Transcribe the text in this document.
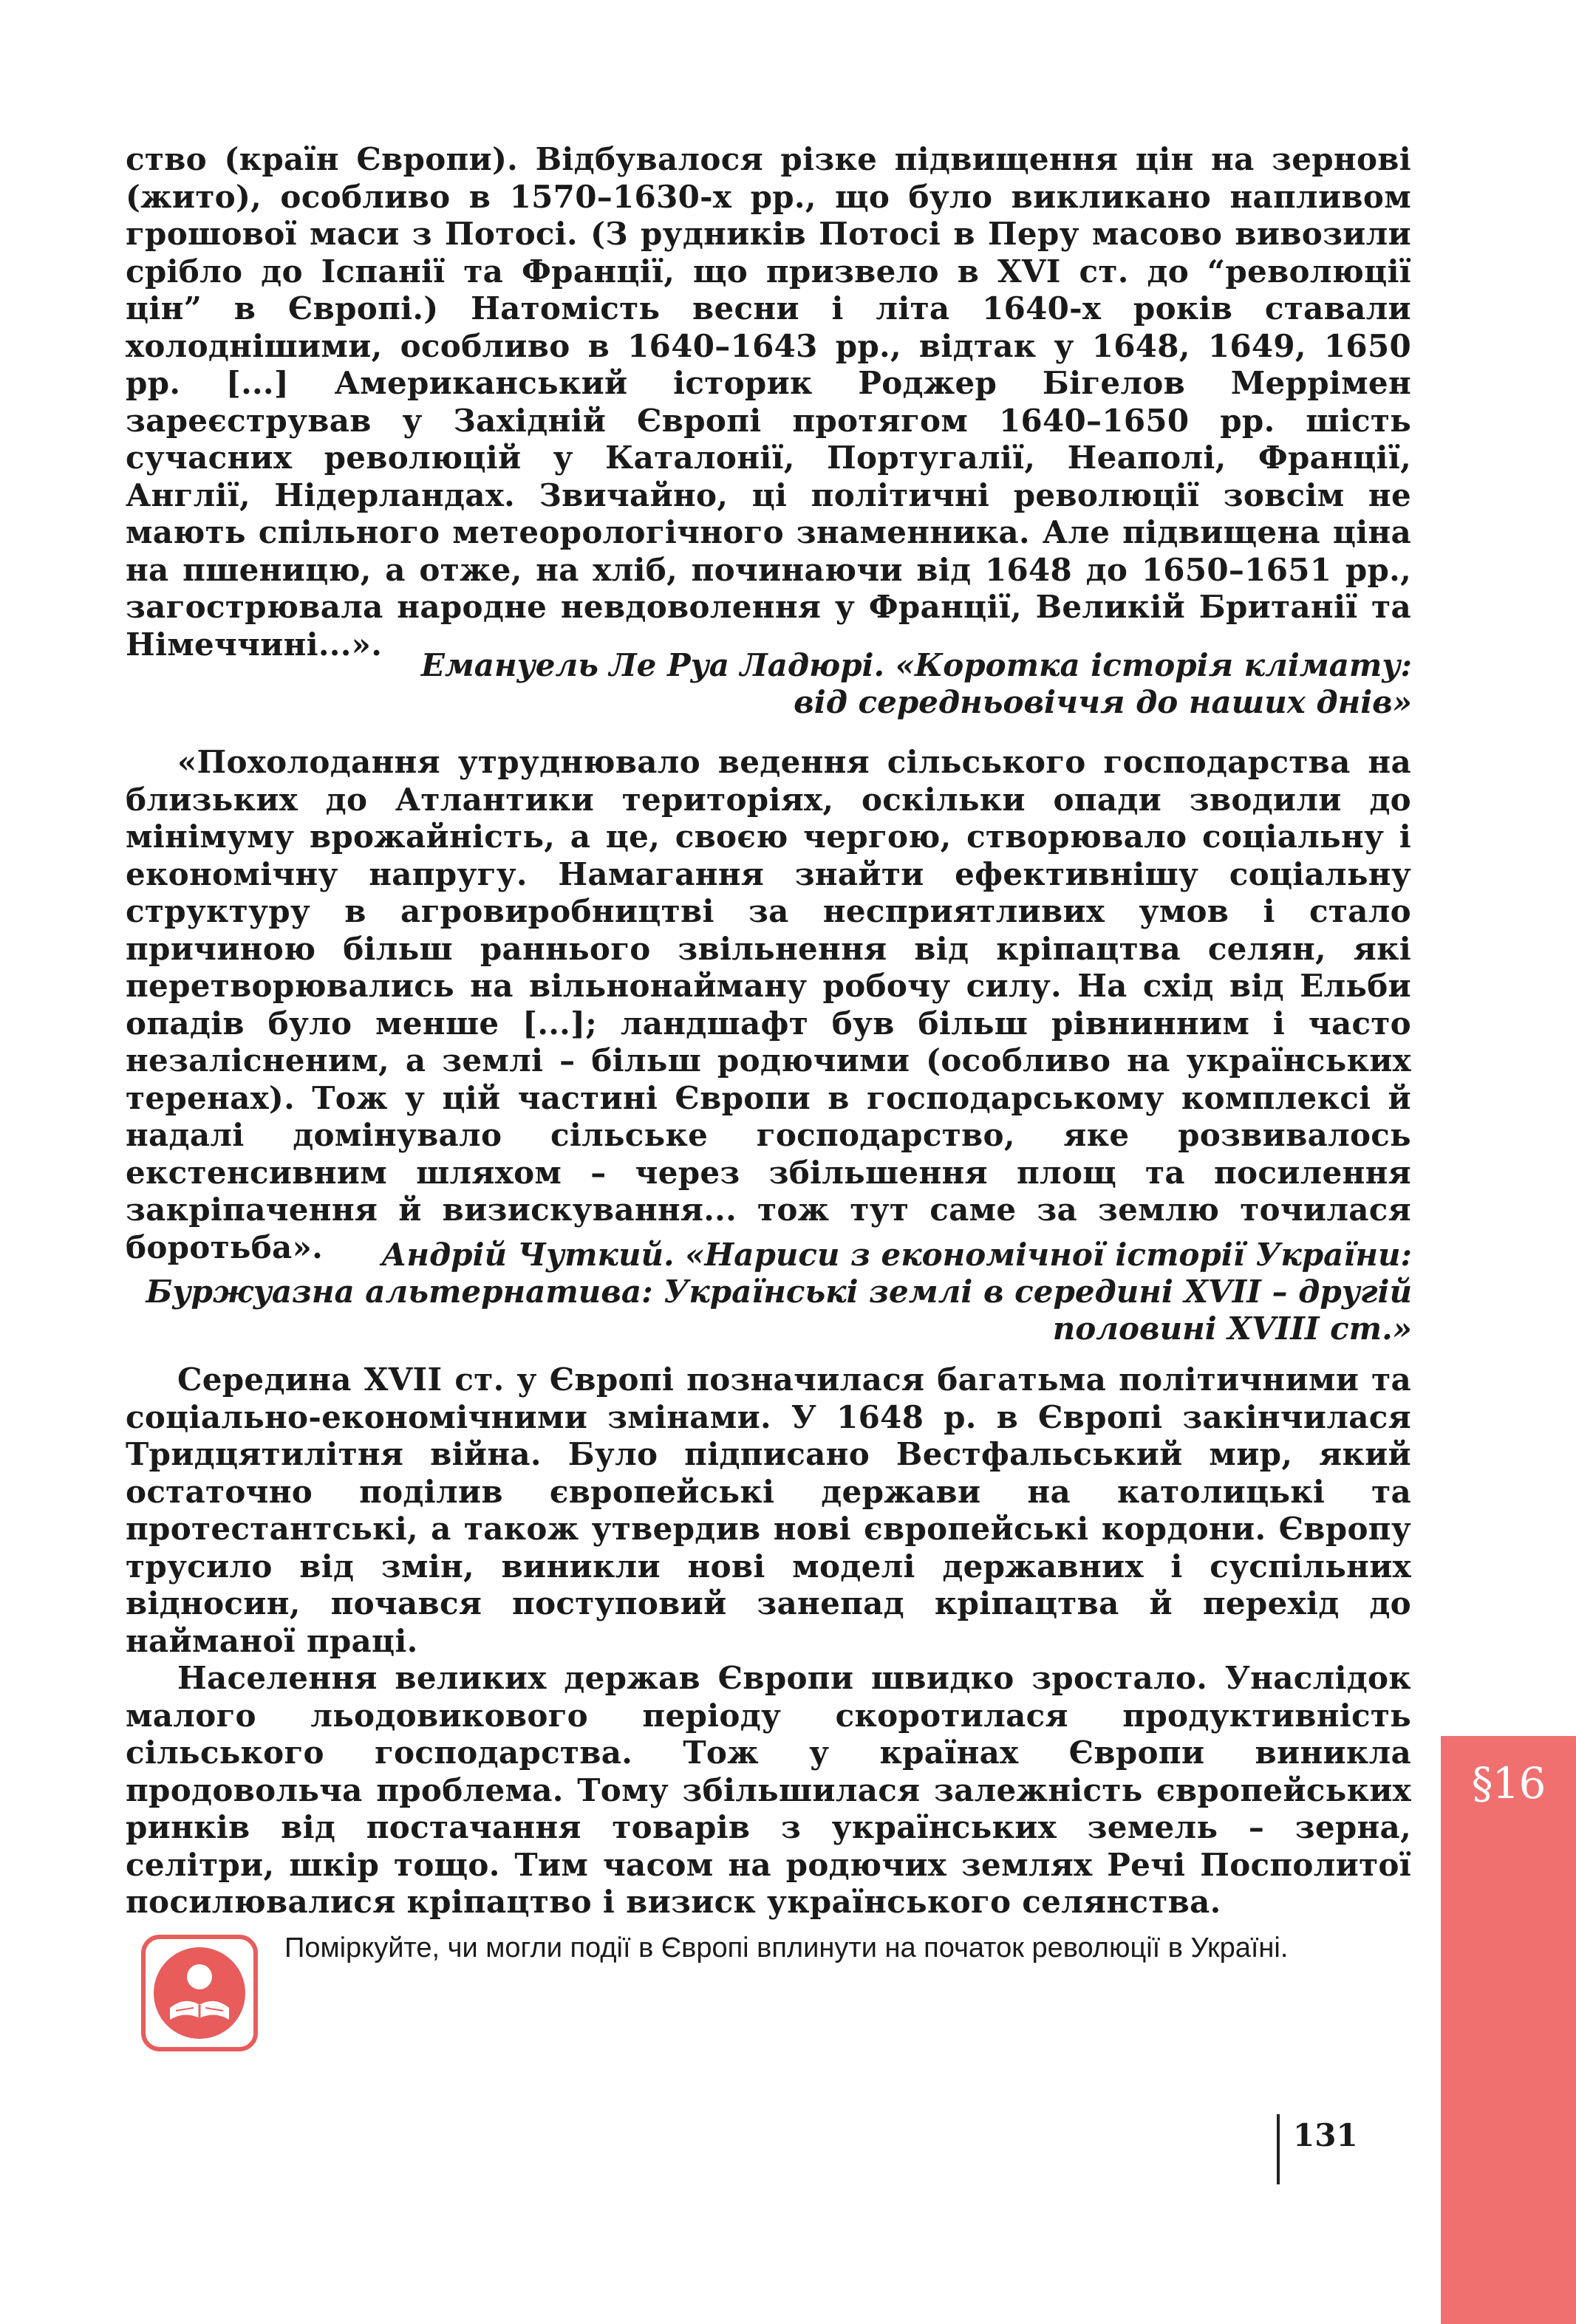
ство (країн Європи). Відбувалося різке підвищення цін на зернові (жито), особливо в 1570–1630-х рр., що було викликано напливом грошової маси з Потосі. (З рудників Потосі в Перу масово вивозили срібло до Іспанії та Франції, що призвело в XVI ст. до “революції цін” в Європі.) Натомість весни і літа 1640-х років ставали холоднішими, особливо в 1640–1643 рр., відтак у 1648, 1649, 1650 рр. [...] Американський історик Роджер Бігелов Меррімен зареєстрував у Західній Європі протягом 1640–1650 рр. шість сучасних революцій у Каталонії, Португалії, Неаполі, Франції, Англії, Нідерландах. Звичайно, ці політичні революції зовсім не мають спільного метеорологічного знаменника. Але підвищена ціна на пшеницю, а отже, на хліб, починаючи від 1648 до 1650–1651 рр., загострювала народне невдоволення у Франції, Великій Британії та Німеччині...».

Емануель Ле Руа Ладюрі. «Коротка історія клімату:
від середньовіччя до наших днів»

«Похолодання утруднювало ведення сільського господарства на близьких до Атлантики територіях, оскільки опади зводили до мінімуму врожайність, а це, своєю чергою, створювало соціальну і економічну напругу. Намагання знайти ефективнішу соціальну структуру в агровиробництві за несприятливих умов і стало причиною більш раннього звільнення від кріпацтва селян, які перетворювались на вільнонайману робочу силу. На схід від Ельби опадів було менше [...]; ландшафт був більш рівнинним і часто незалісненим, а землі – більш родючими (особливо на українських теренах). Тож у цій частині Європи в господарському комплексі й надалі домінувало сільське господарство, яке розвивалось екстенсивним шляхом – через збільшення площ та посилення закріпачення й визискування... тож тут саме за землю точилася боротьба».	Андрій Чуткий. «Нариси з економічної історії України:
Буржуазна альтернатива: Українські землі в середині XVII – другій
половині XVIII ст.»

Середина XVII ст. у Європі позначилася багатьма політичними та соціально-економічними змінами. У 1648 р. в Європі закінчилася Тридцятилітня війна. Було підписано Вестфальський мир, який остаточно поділив європейські держави на католицькі та протестантські, а також утвердив нові європейські кордони. Європу трусило від змін, виникли нові моделі державних і суспільних відносин, почався поступовий занепад кріпацтва й перехід до найманої праці.

Населення великих держав Європи швидко зростало. Унаслідок малого льодовикового періоду скоротилася продуктивність сільського господарства. Тож у країнах Європи виникла продовольча проблема. Тому збільшилася залежність європейських ринків від постачання товарів з українських земель – зерна, селітри, шкір тощо. Тим часом на родючих землях Речі Посполитої посилювалися кріпацтво і визиск українського селянства.

Поміркуйте, чи могли події в Європі вплинути на початок революції в Україні.
§16
131
